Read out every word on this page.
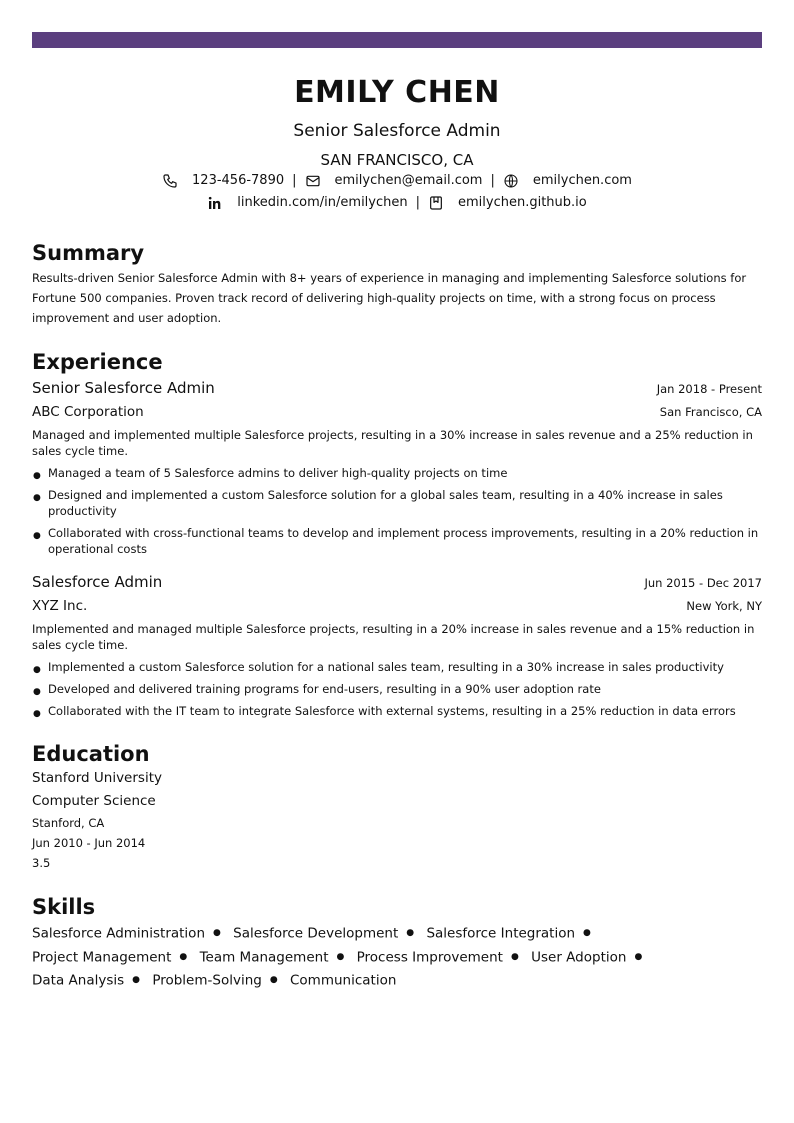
EMILY CHEN
Senior Salesforce Admin
SAN FRANCISCO, CA
123-456-7890 |	emilychen@email.com |	emilychen.com
linkedin.com/in/emilychen |	emilychen.github.io
Summary
Results-driven Senior Salesforce Admin with 8+ years of experience in managing and implementing Salesforce solutions for Fortune 500 companies. Proven track record of delivering high-quality projects on time, with a strong focus on process improvement and user adoption.
Experience
Senior Salesforce Admin	Jan 2018 - Present
ABC Corporation	San Francisco, CA
Managed and implemented multiple Salesforce projects, resulting in a 30% increase in sales revenue and a 25% reduction in sales cycle time.
● Managed a team of 5 Salesforce admins to deliver high-quality projects on time
● Designed and implemented a custom Salesforce solution for a global sales team, resulting in a 40% increase in sales productivity
● Collaborated with cross-functional teams to develop and implement process improvements, resulting in a 20% reduction in operational costs
Salesforce Admin	Jun 2015 - Dec 2017
XYZ Inc.	New York, NY
Implemented and managed multiple Salesforce projects, resulting in a 20% increase in sales revenue and a 15% reduction in sales cycle time.
● Implemented a custom Salesforce solution for a national sales team, resulting in a 30% increase in sales productivity
● Developed and delivered training programs for end-users, resulting in a 90% user adoption rate
● Collaborated with the IT team to integrate Salesforce with external systems, resulting in a 25% reduction in data errors
Education
Stanford University
Computer Science
Stanford, CA
Jun 2010 - Jun 2014
3.5
Skills
Salesforce Administration ● Salesforce Development ● Salesforce Integration ● Project Management ● Team Management ● Process Improvement ● User Adoption ● Data Analysis ● Problem-Solving ● Communication
